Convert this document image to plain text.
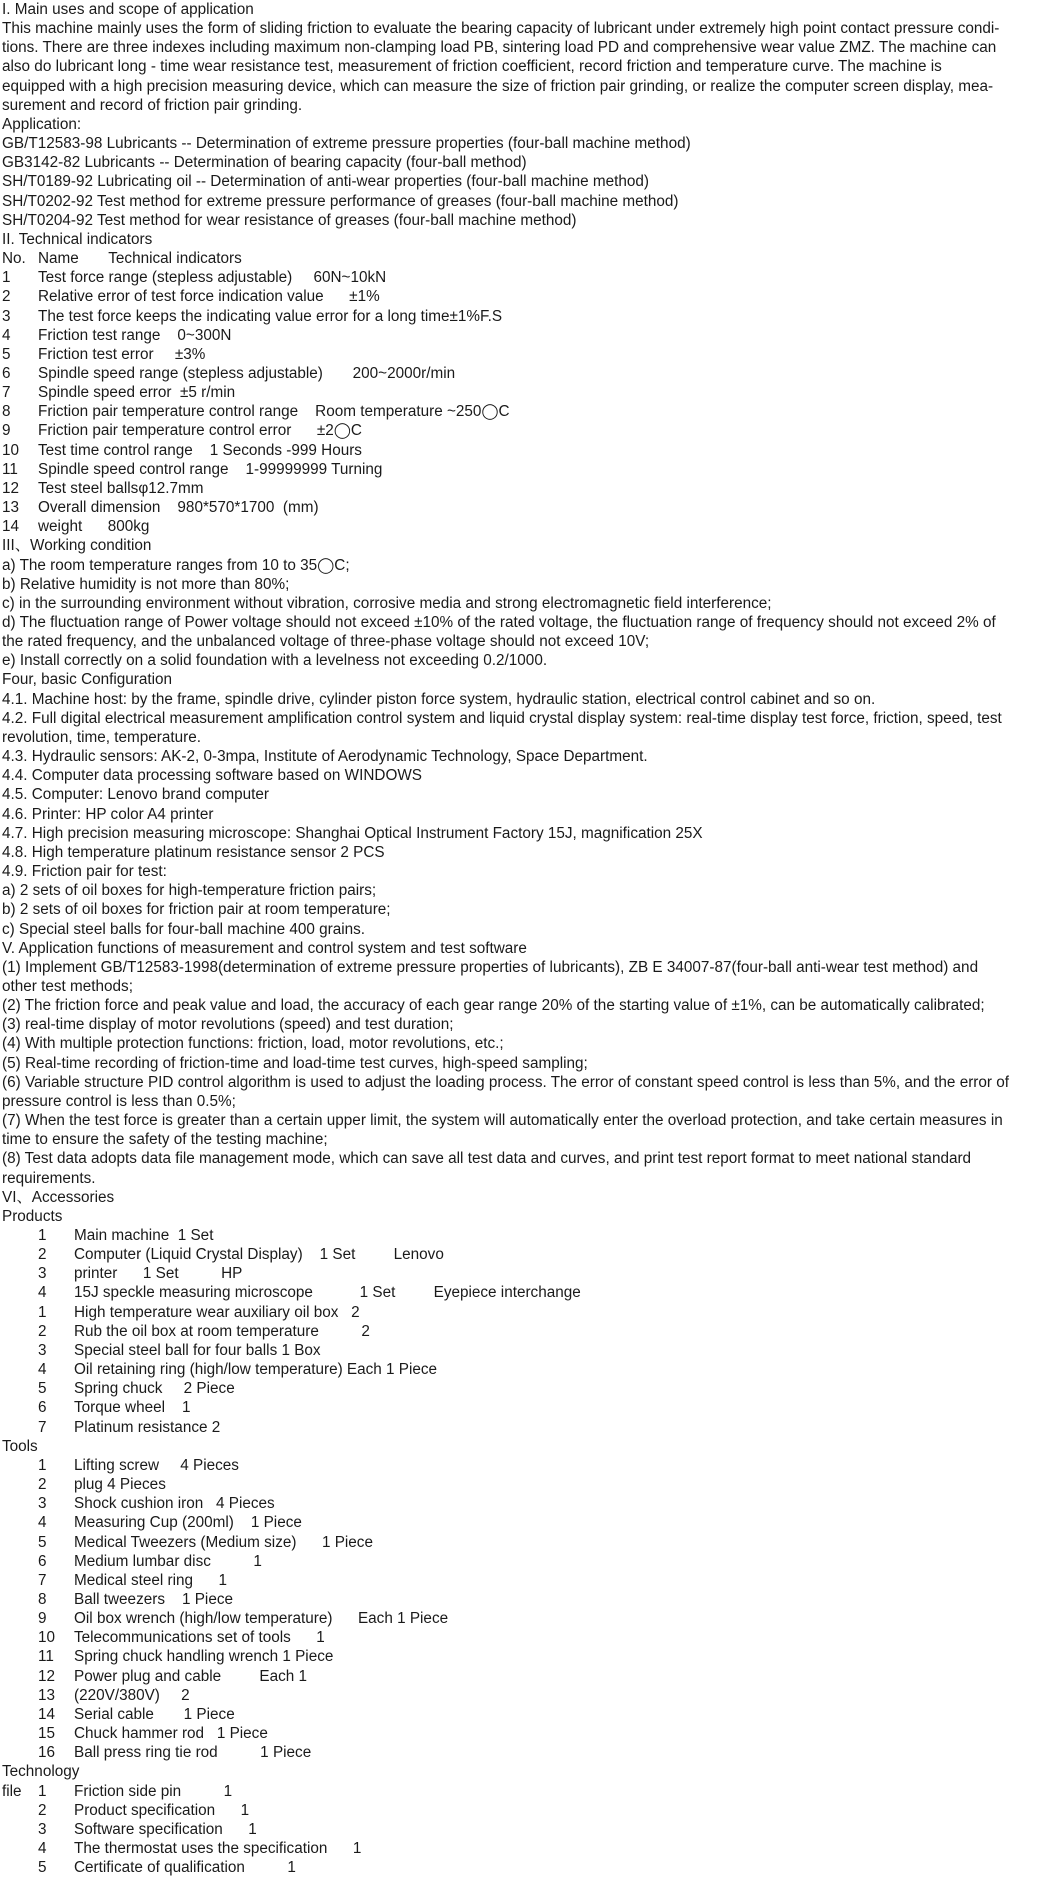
I. Main uses and scope of application
This machine mainly uses the form of sliding friction to evaluate the bearing capacity of lubricant under extremely high point contact pressure condi-
tions. There are three indexes including maximum non-clamping load PB, sintering load PD and comprehensive wear value ZMZ. The machine can
also do lubricant long - time wear resistance test, measurement of friction coefficient, record friction and temperature curve. The machine is
equipped with a high precision measuring device, which can measure the size of friction pair grinding, or realize the computer screen display, mea-
surement and record of friction pair grinding.
Application:
GB/T12583-98 Lubricants -- Determination of extreme pressure properties (four-ball machine method)
GB3142-82 Lubricants -- Determination of bearing capacity (four-ball method)
SH/T0189-92 Lubricating oil -- Determination of anti-wear properties (four-ball machine method)
SH/T0202-92 Test method for extreme pressure performance of greases (four-ball machine method)
SH/T0204-92 Test method for wear resistance of greases (four-ball machine method)
II. Technical indicators
No. Name       Technical indicators
1	Test force range (stepless adjustable)     60N~10kN
2	Relative error of test force indication value      ±1%
3	The test force keeps the indicating value error for a long time±1%F.S
4	Friction test range    0~300N
5	Friction test error     ±3%
6	Spindle speed range (stepless adjustable)       200~2000r/min
7	Spindle speed error  ±5 r/min
8	Friction pair temperature control range    Room temperature ~250◯C
9	Friction pair temperature control error      ±2◯C
10	Test time control range    1 Seconds -999 Hours
11	Spindle speed control range    1-99999999 Turning
12	Test steel ballsφ12.7mm
13	Overall dimension    980*570*1700  (mm)
14	weight      800kg
III、Working condition
a) The room temperature ranges from 10 to 35◯C;
b) Relative humidity is not more than 80%;
c) in the surrounding environment without vibration, corrosive media and strong electromagnetic field interference;
d) The fluctuation range of Power voltage should not exceed ±10% of the rated voltage, the fluctuation range of frequency should not exceed 2% of
the rated frequency, and the unbalanced voltage of three-phase voltage should not exceed 10V;
e) Install correctly on a solid foundation with a levelness not exceeding 0.2/1000.
Four, basic Configuration
4.1. Machine host: by the frame, spindle drive, cylinder piston force system, hydraulic station, electrical control cabinet and so on.
4.2. Full digital electrical measurement amplification control system and liquid crystal display system: real-time display test force, friction, speed, test
revolution, time, temperature.
4.3. Hydraulic sensors: AK-2, 0-3mpa, Institute of Aerodynamic Technology, Space Department.
4.4. Computer data processing software based on WINDOWS
4.5. Computer: Lenovo brand computer
4.6. Printer: HP color A4 printer
4.7. High precision measuring microscope: Shanghai Optical Instrument Factory 15J, magnification 25X
4.8. High temperature platinum resistance sensor 2 PCS
4.9. Friction pair for test:
a) 2 sets of oil boxes for high-temperature friction pairs;
b) 2 sets of oil boxes for friction pair at room temperature;
c) Special steel balls for four-ball machine 400 grains.
V. Application functions of measurement and control system and test software
(1) Implement GB/T12583-1998(determination of extreme pressure properties of lubricants), ZB E 34007-87(four-ball anti-wear test method) and
other test methods;
(2) The friction force and peak value and load, the accuracy of each gear range 20% of the starting value of ±1%, can be automatically calibrated;
(3) real-time display of motor revolutions (speed) and test duration;
(4) With multiple protection functions: friction, load, motor revolutions, etc.;
(5) Real-time recording of friction-time and load-time test curves, high-speed sampling;
(6) Variable structure PID control algorithm is used to adjust the loading process. The error of constant speed control is less than 5%, and the error of
pressure control is less than 0.5%;
(7) When the test force is greater than a certain upper limit, the system will automatically enter the overload protection, and take certain measures in
time to ensure the safety of the testing machine;
(8) Test data adopts data file management mode, which can save all test data and curves, and print test report format to meet national standard
requirements.
VI、Accessories
Products
1	Main machine  1 Set
2	Computer (Liquid Crystal Display)    1 Set         Lenovo
3	printer      1 Set          HP
4	15J speckle measuring microscope           1 Set         Eyepiece interchange
1	High temperature wear auxiliary oil box   2
2	Rub the oil box at room temperature          2
3	Special steel ball for four balls 1 Box
4	Oil retaining ring (high/low temperature) Each 1 Piece
5	Spring chuck     2 Piece
6	Torque wheel    1
7	Platinum resistance 2
Tools
1	Lifting screw     4 Pieces
2	plug 4 Pieces
3	Shock cushion iron   4 Pieces
4	Measuring Cup (200ml)    1 Piece
5	Medical Tweezers (Medium size)      1 Piece
6	Medium lumbar disc          1
7	Medical steel ring      1
8	Ball tweezers    1 Piece
9	Oil box wrench (high/low temperature)      Each 1 Piece
10	Telecommunications set of tools      1
11	Spring chuck handling wrench 1 Piece
12	Power plug and cable         Each 1
13	(220V/380V)     2
14	Serial cable       1 Piece
15	Chuck hammer rod   1 Piece
16	Ball press ring tie rod          1 Piece
Technology
file	1	Friction side pin          1
2	Product specification      1
3	Software specification      1
4	The thermostat uses the specification      1
5	Certificate of qualification          1
